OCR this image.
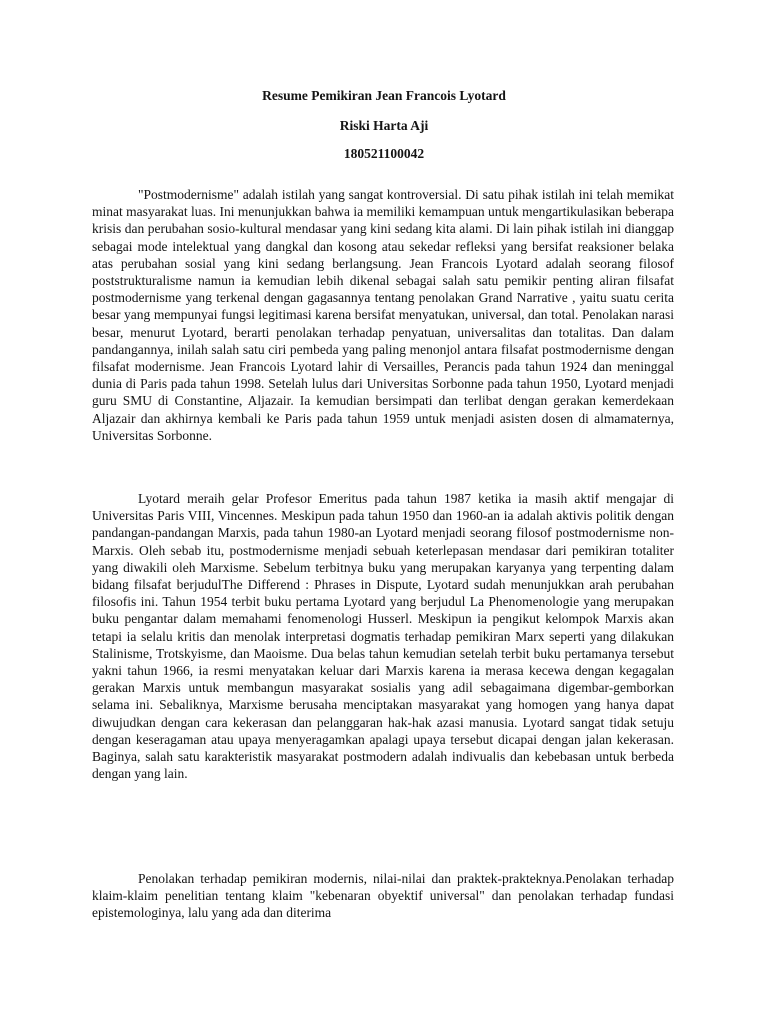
Resume Pemikiran Jean Francois Lyotard
Riski Harta Aji
180521100042

"Postmodernisme" adalah istilah yang sangat kontroversial. Di satu pihak istilah ini telah memikat minat masyarakat luas. Ini menunjukkan bahwa ia memiliki kemampuan untuk mengartikulasikan beberapa krisis dan perubahan sosio-kultural mendasar yang kini sedang kita alami. Di lain pihak istilah ini dianggap sebagai mode intelektual yang dangkal dan kosong atau sekedar refleksi yang bersifat reaksioner belaka atas perubahan sosial yang kini sedang berlangsung. Jean Francois Lyotard adalah seorang filosof poststrukturalisme namun ia kemudian lebih dikenal sebagai salah satu pemikir penting aliran filsafat postmodernisme yang terkenal dengan gagasannya tentang penolakan Grand Narrative , yaitu suatu cerita besar yang mempunyai fungsi legitimasi karena bersifat menyatukan, universal, dan total. Penolakan narasi besar, menurut Lyotard, berarti penolakan terhadap penyatuan, universalitas dan totalitas. Dan dalam pandangannya, inilah salah satu ciri pembeda yang paling menonjol antara filsafat postmodernisme dengan filsafat modernisme. Jean Francois Lyotard lahir di Versailles, Perancis pada tahun 1924 dan meninggal dunia di Paris pada tahun 1998. Setelah lulus dari Universitas Sorbonne pada tahun 1950, Lyotard menjadi guru SMU di Constantine, Aljazair. Ia kemudian bersimpati dan terlibat dengan gerakan kemerdekaan Aljazair dan akhirnya kembali ke Paris pada tahun 1959 untuk menjadi asisten dosen di almamaternya, Universitas Sorbonne.

Lyotard meraih gelar Profesor Emeritus pada tahun 1987 ketika ia masih aktif mengajar di Universitas Paris VIII, Vincennes. Meskipun pada tahun 1950 dan 1960-an ia adalah aktivis politik dengan pandangan-pandangan Marxis, pada tahun 1980-an Lyotard menjadi seorang filosof postmodernisme non-Marxis. Oleh sebab itu, postmodernisme menjadi sebuah keterlepasan mendasar dari pemikiran totaliter yang diwakili oleh Marxisme. Sebelum terbitnya buku yang merupakan karyanya yang terpenting dalam bidang filsafat berjudulThe Differend : Phrases in Dispute, Lyotard sudah menunjukkan arah perubahan filosofis ini. Tahun 1954 terbit buku pertama Lyotard yang berjudul La Phenomenologie yang merupakan buku pengantar dalam memahami fenomenologi Husserl. Meskipun ia pengikut kelompok Marxis akan tetapi ia selalu kritis dan menolak interpretasi dogmatis terhadap pemikiran Marx seperti yang dilakukan Stalinisme, Trotskyisme, dan Maoisme. Dua belas tahun kemudian setelah terbit buku pertamanya tersebut yakni tahun 1966, ia resmi menyatakan keluar dari Marxis karena ia merasa kecewa dengan kegagalan gerakan Marxis untuk membangun masyarakat sosialis yang adil sebagaimana digembar-gemborkan selama ini. Sebaliknya, Marxisme berusaha menciptakan masyarakat yang homogen yang hanya dapat diwujudkan dengan cara kekerasan dan pelanggaran hak-hak azasi manusia. Lyotard sangat tidak setuju dengan keseragaman atau upaya menyeragamkan apalagi upaya tersebut dicapai dengan jalan kekerasan. Baginya, salah satu karakteristik masyarakat postmodern adalah indivualis dan kebebasan untuk berbeda dengan yang lain.

Penolakan terhadap pemikiran modernis, nilai-nilai dan praktek-prakteknya.Penolakan terhadap klaim-klaim penelitian tentang klaim "kebenaran obyektif universal" dan penolakan terhadap fundasi epistemologinya, lalu yang ada dan diterima
